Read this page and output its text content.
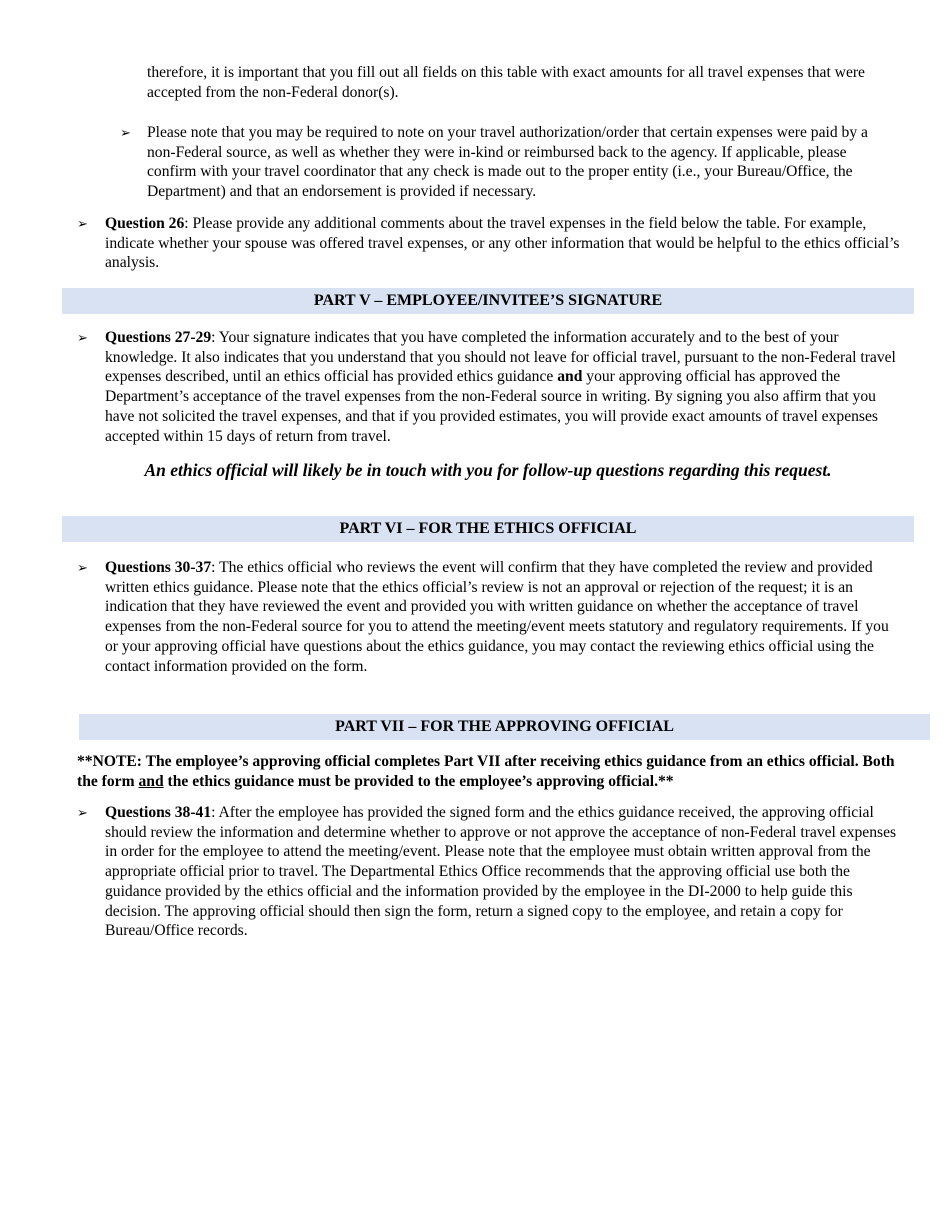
therefore, it is important that you fill out all fields on this table with exact amounts for all travel expenses that were accepted from the non-Federal donor(s).
➢ Please note that you may be required to note on your travel authorization/order that certain expenses were paid by a non-Federal source, as well as whether they were in-kind or reimbursed back to the agency. If applicable, please confirm with your travel coordinator that any check is made out to the proper entity (i.e., your Bureau/Office, the Department) and that an endorsement is provided if necessary.
➢ Question 26: Please provide any additional comments about the travel expenses in the field below the table. For example, indicate whether your spouse was offered travel expenses, or any other information that would be helpful to the ethics official’s analysis.
PART V – EMPLOYEE/INVITEE’S SIGNATURE
➢ Questions 27-29: Your signature indicates that you have completed the information accurately and to the best of your knowledge. It also indicates that you understand that you should not leave for official travel, pursuant to the non-Federal travel expenses described, until an ethics official has provided ethics guidance and your approving official has approved the Department’s acceptance of the travel expenses from the non-Federal source in writing. By signing you also affirm that you have not solicited the travel expenses, and that if you provided estimates, you will provide exact amounts of travel expenses accepted within 15 days of return from travel.
An ethics official will likely be in touch with you for follow-up questions regarding this request.
PART VI – FOR THE ETHICS OFFICIAL
➢ Questions 30-37: The ethics official who reviews the event will confirm that they have completed the review and provided written ethics guidance. Please note that the ethics official’s review is not an approval or rejection of the request; it is an indication that they have reviewed the event and provided you with written guidance on whether the acceptance of travel expenses from the non-Federal source for you to attend the meeting/event meets statutory and regulatory requirements. If you or your approving official have questions about the ethics guidance, you may contact the reviewing ethics official using the contact information provided on the form.
PART VII – FOR THE APPROVING OFFICIAL
**NOTE: The employee’s approving official completes Part VII after receiving ethics guidance from an ethics official. Both the form and the ethics guidance must be provided to the employee’s approving official.**
➢ Questions 38-41: After the employee has provided the signed form and the ethics guidance received, the approving official should review the information and determine whether to approve or not approve the acceptance of non-Federal travel expenses in order for the employee to attend the meeting/event. Please note that the employee must obtain written approval from the appropriate official prior to travel. The Departmental Ethics Office recommends that the approving official use both the guidance provided by the ethics official and the information provided by the employee in the DI-2000 to help guide this decision. The approving official should then sign the form, return a signed copy to the employee, and retain a copy for Bureau/Office records.
